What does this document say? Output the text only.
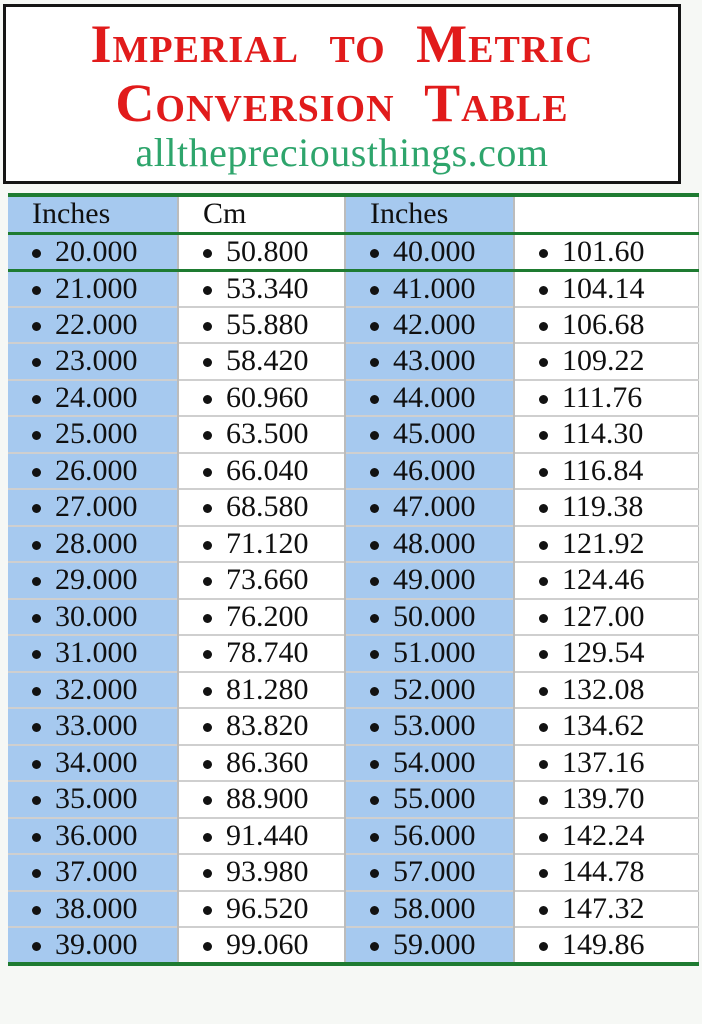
Imperial to Metric
Conversion Table
allthepreciousthings.com
Inches	Cm	Inches	
20.000	50.800	40.000	101.60
21.000	53.340	41.000	104.14
22.000	55.880	42.000	106.68
23.000	58.420	43.000	109.22
24.000	60.960	44.000	111.76
25.000	63.500	45.000	114.30
26.000	66.040	46.000	116.84
27.000	68.580	47.000	119.38
28.000	71.120	48.000	121.92
29.000	73.660	49.000	124.46
30.000	76.200	50.000	127.00
31.000	78.740	51.000	129.54
32.000	81.280	52.000	132.08
33.000	83.820	53.000	134.62
34.000	86.360	54.000	137.16
35.000	88.900	55.000	139.70
36.000	91.440	56.000	142.24
37.000	93.980	57.000	144.78
38.000	96.520	58.000	147.32
39.000	99.060	59.000	149.86
